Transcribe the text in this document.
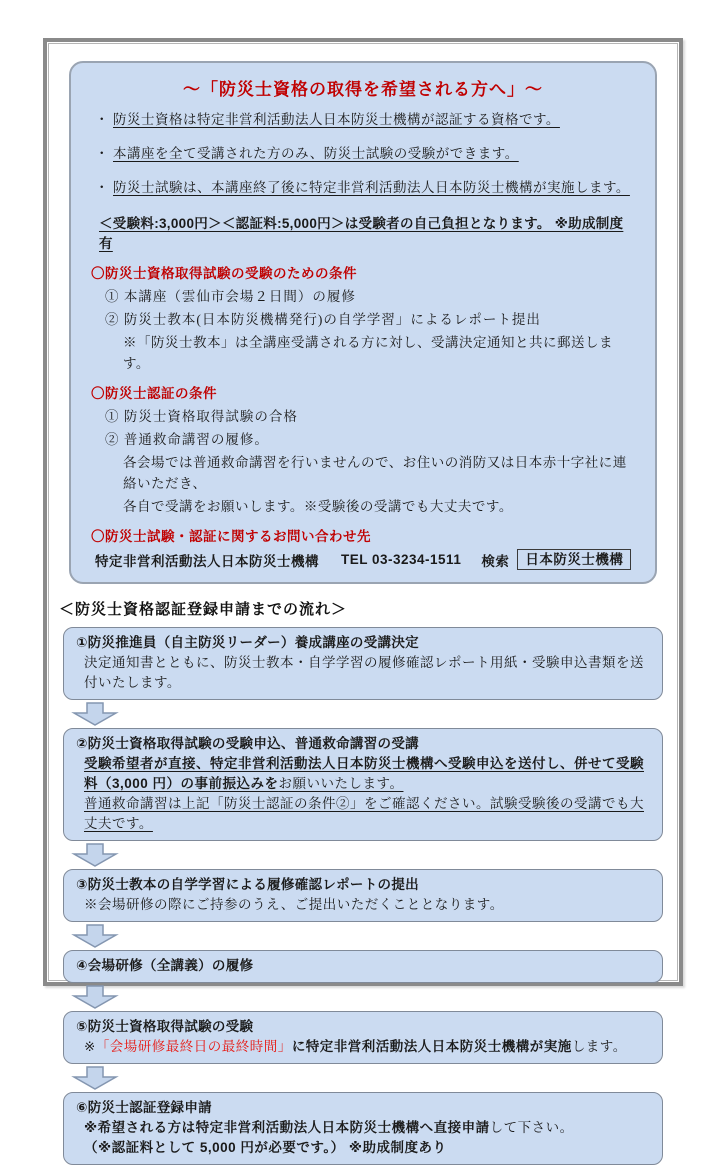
～「防災士資格の取得を希望される方へ」～
・ 防災士資格は特定非営利活動法人日本防災士機構が認証する資格です。
・ 本講座を全て受講された方のみ、防災士試験の受験ができます。
・ 防災士試験は、本講座終了後に特定非営利活動法人日本防災士機構が実施します。

＜受験料:3,000円＞＜認証料:5,000円＞は受験者の自己負担となります。 ※助成制度有

〇防災士資格取得試験の受験のための条件

① 本講座（雲仙市会場２日間）の履修

② 防災士教本(日本防災機構発行)の自学学習」によるレポート提出

※「防災士教本」は全講座受講される方に対し、受講決定通知と共に郵送します。

〇防災士認証の条件

① 防災士資格取得試験の合格

② 普通救命講習の履修。

各会場では普通救命講習を行いませんので、お住いの消防又は日本赤十字社に連絡いただき、

各自で受講をお願いします。※受験後の受講でも大丈夫です。

〇防災士試験・認証に関するお問い合わせ先

特定非営利活動法人日本防災士機構 TEL 03-3234-1511 検索	日本防災士機構

＜防災士資格認証登録申請までの流れ＞

①防災推進員（自主防災リーダー）養成講座の受講決定

決定通知書とともに、防災士教本・自学学習の履修確認レポート用紙・受験申込書類を送付いたします。

②防災士資格取得試験の受験申込、普通救命講習の受講

受験希望者が直接、特定非営利活動法人日本防災士機構へ受験申込を送付し、併せて受験料（3,000 円）の事前振込みをお願いいたします。

普通救命講習は上記「防災士認証の条件②」をご確認ください。試験受験後の受講でも大丈夫です。

③防災士教本の自学学習による履修確認レポートの提出

※会場研修の際にご持参のうえ、ご提出いただくこととなります。

④会場研修（全講義）の履修

⑤防災士資格取得試験の受験

※「会場研修最終日の最終時間」に特定非営利活動法人日本防災士機構が実施します。

⑥防災士認証登録申請

※希望される方は特定非営利活動法人日本防災士機構へ直接申請して下さい。

（※認証料として 5,000 円が必要です。） ※助成制度あり
